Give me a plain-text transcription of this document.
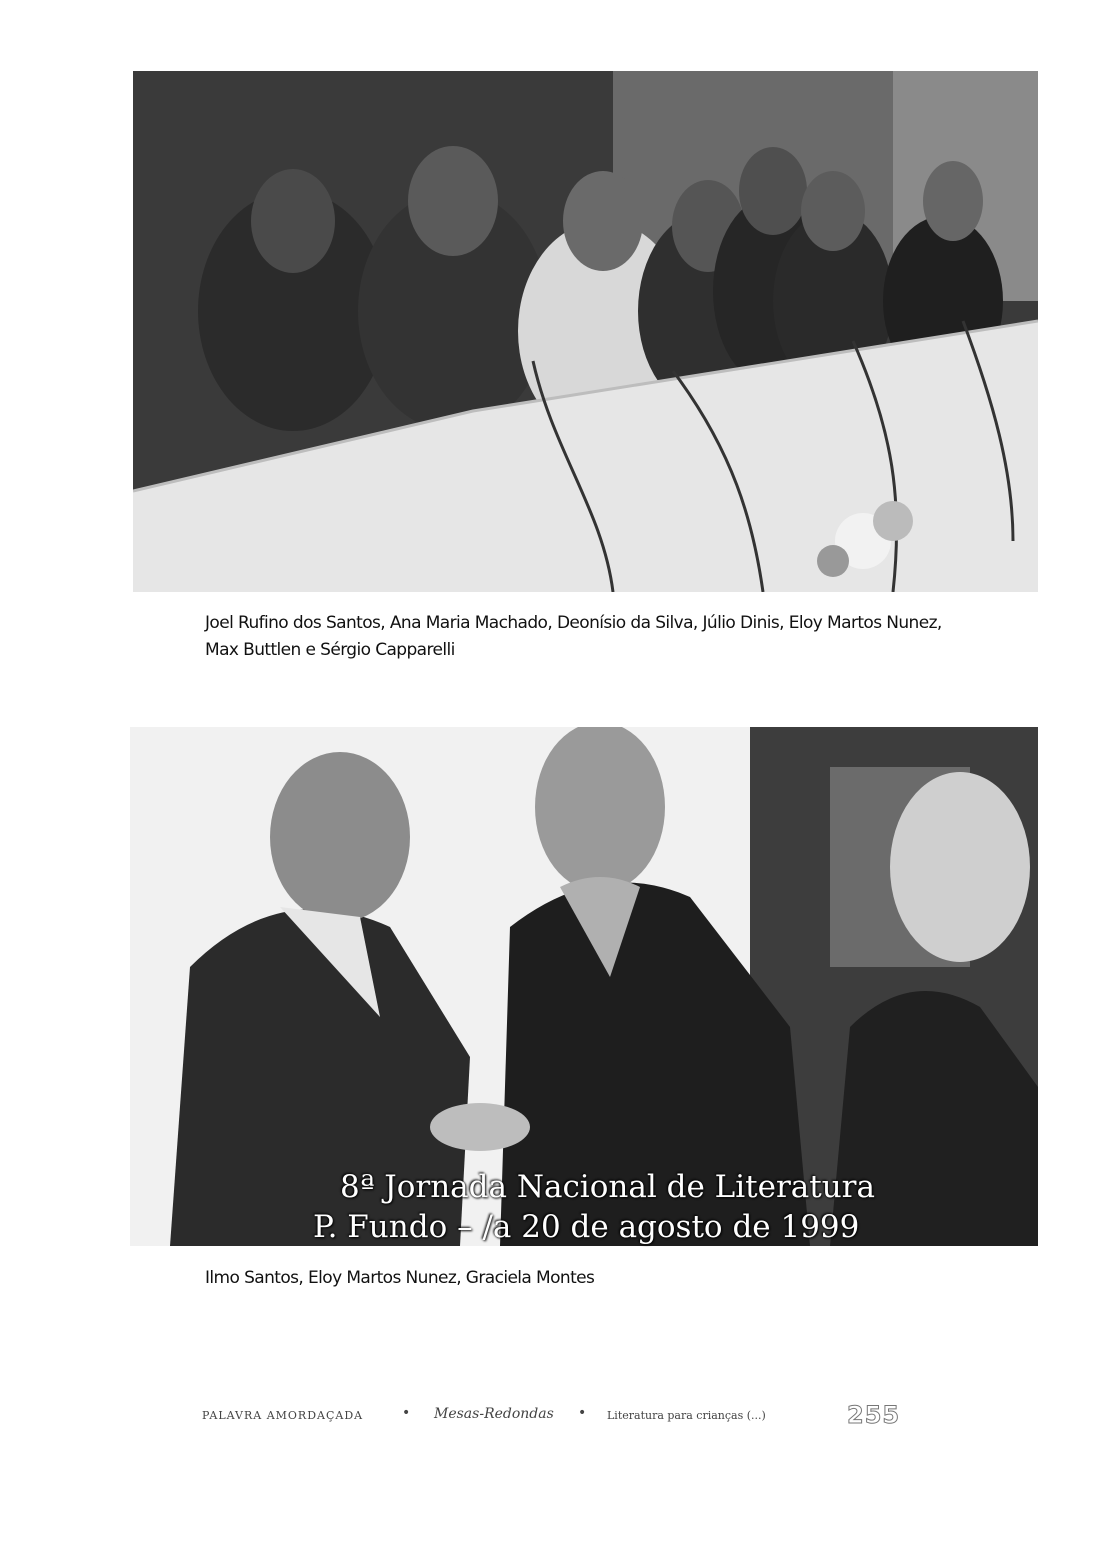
Joel Rufino dos Santos, Ana Maria Machado, Deonísio da Silva, Júlio Dinis, Eloy Martos Nunez, Max Buttlen e Sérgio Capparelli
8ª Jornada Nacional de Literatura
P. Fundo – /a 20 de agosto de 1999
Ilmo Santos, Eloy Martos Nunez, Graciela Montes
PALAVRA AMORDAÇADA	• Mesas-Redondas • Literatura para crianças (...)	255
